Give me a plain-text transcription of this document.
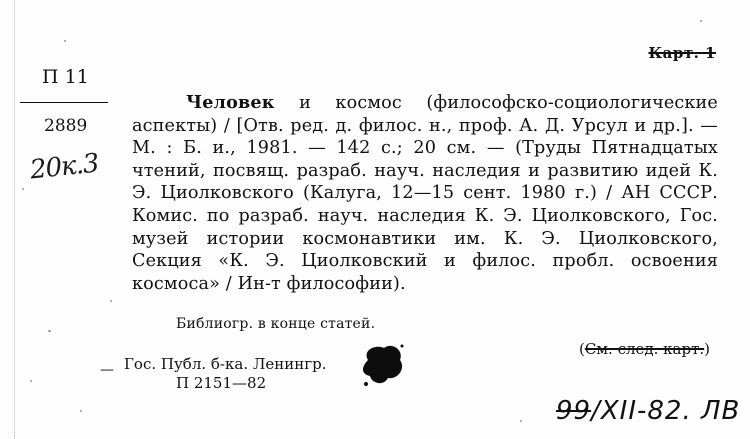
Карт. 1
П 11
2889
20к.3
Человек и космос (философско-социологические аспекты) / [Отв. ред. д. филос. н., проф. А. Д. Урсул и др.]. — М. : Б. и., 1981. — 142 с.; 20 см. — (Труды Пятнадцатых чтений, посвящ. разраб. науч. наследия и развитию идей К. Э. Циолковского (Калуга, 12—15 сент. 1980 г.) / АН СССР. Комис. по разраб. науч. наследия К. Э. Циолковского, Гос. музей истории космонавтики им. К. Э. Циолковского, Секция «К. Э. Циолковский и филос. пробл. освоения космоса» / Ин-т философии).
Библиогр. в конце статей.
(См. след. карт.)
— Гос. Публ. б-ка. Ленингр.
П 2151—82
99/XII-82. ЛВ
